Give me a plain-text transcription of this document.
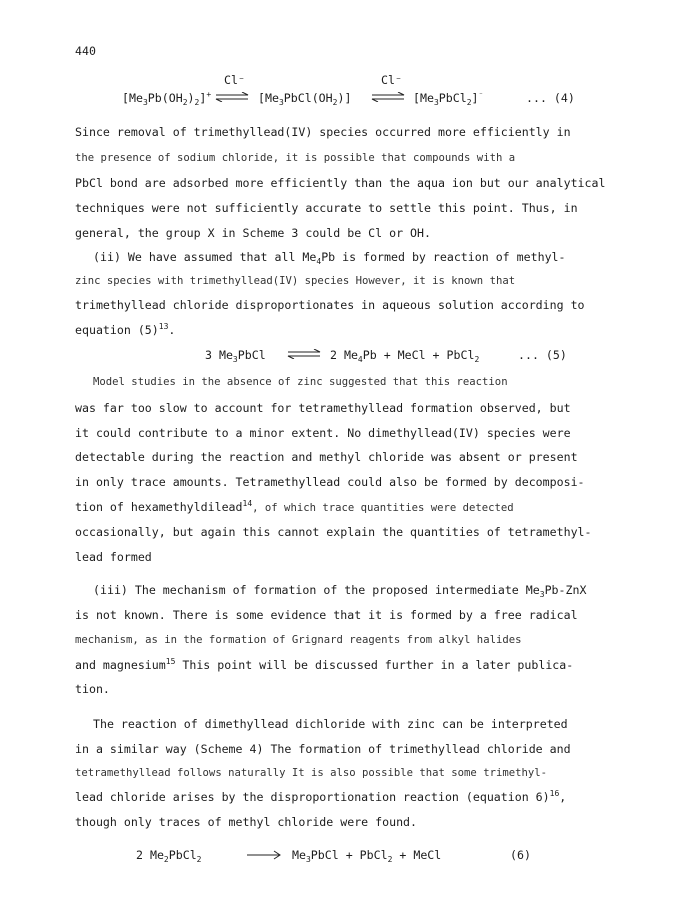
440
Cl⁻	Cl⁻
$[Me_3Pb(OH_2)_2]^+$ ⇌ $[Me_3PbCl(OH_2)]$ ⇌ $[Me_3PbCl_2]^{^-}$	... (4)
Since removal of trimethyllead(IV) species occurred more efficiently in
the presence of sodium chloride, it is possible that compounds with a
PbCl bond are adsorbed more efficiently than the aqua ion but our analytical
techniques were not sufficiently accurate to settle this point. Thus, in
general, the group X in Scheme 3 could be Cl or OH.
(ii) We have assumed that all $Me_4Pb$ is formed by reaction of methyl-
zinc species with trimethyllead(IV) species However, it is known that
trimethyllead chloride disproportionates in aqueous solution according to
equation $(5)^{13}$.
3 $Me_3PbCl$ ⇌ 2 $Me_4Pb$ + MeCl + PbCl$_2$	... (5)
Model studies in the absence of zinc suggested that this reaction
was far too slow to account for tetramethyllead formation observed, but
it could contribute to a minor extent. No dimethyllead(IV) species were
detectable during the reaction and methyl chloride was absent or present
in only trace amounts. Tetramethyllead could also be formed by decomposi-
tion of hexamethyldilead$^{14}$, of which trace quantities were detected
occasionally, but again this cannot explain the quantities of tetramethyl-
lead formed
(iii) The mechanism of formation of the proposed intermediate $Me_3Pb$-ZnX
is not known. There is some evidence that it is formed by a free radical
mechanism, as in the formation of Grignard reagents from alkyl halides
and magnesium$^{15}$ This point will be discussed further in a later publica-
tion.
The reaction of dimethyllead dichloride with zinc can be interpreted
in a similar way (Scheme 4) The formation of trimethyllead chloride and
tetramethyllead follows naturally It is also possible that some trimethyl-
lead chloride arises by the disproportionation reaction (equation 6)$^{16}$,
though only traces of methyl chloride were found.
2 $Me_2PbCl_2$	→ $Me_3PbCl$ + PbCl$_2$ + MeCl	(6)
